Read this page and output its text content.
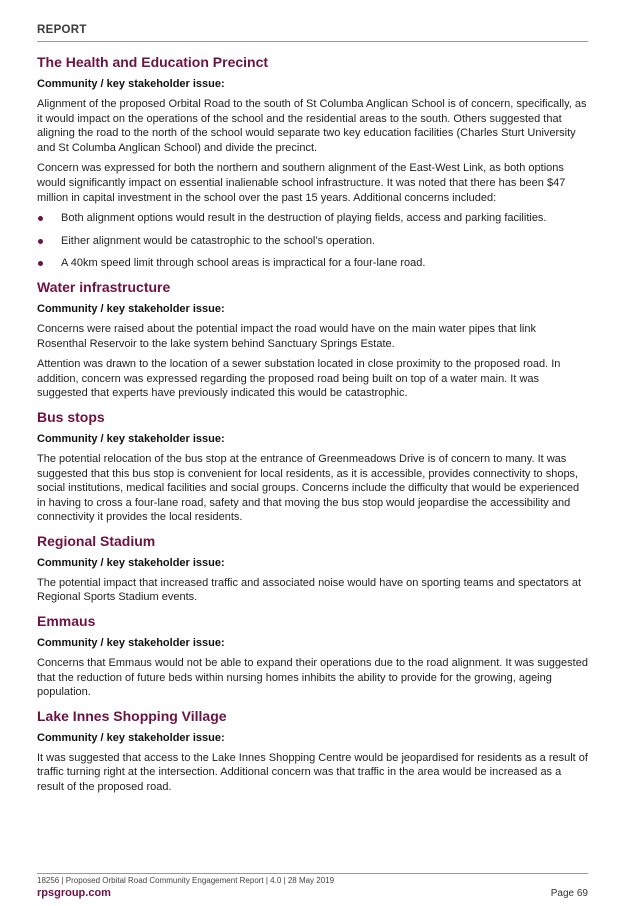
REPORT
The Health and Education Precinct
Community / key stakeholder issue:

Alignment of the proposed Orbital Road to the south of St Columba Anglican School is of concern, specifically, as it would impact on the operations of the school and the residential areas to the south. Others suggested that aligning the road to the north of the school would separate two key education facilities (Charles Sturt University and St Columba Anglican School) and divide the precinct.

Concern was expressed for both the northern and southern alignment of the East-West Link, as both options would significantly impact on essential inalienable school infrastructure. It was noted that there has been $47 million in capital investment in the school over the past 15 years. Additional concerns included:

Both alignment options would result in the destruction of playing fields, access and parking facilities.
Either alignment would be catastrophic to the school’s operation.
A 40km speed limit through school areas is impractical for a four-lane road.
Water infrastructure
Community / key stakeholder issue:

Concerns were raised about the potential impact the road would have on the main water pipes that link Rosenthal Reservoir to the lake system behind Sanctuary Springs Estate.

Attention was drawn to the location of a sewer substation located in close proximity to the proposed road. In addition, concern was expressed regarding the proposed road being built on top of a water main. It was suggested that experts have previously indicated this would be catastrophic.

Bus stops
Community / key stakeholder issue:

The potential relocation of the bus stop at the entrance of Greenmeadows Drive is of concern to many. It was suggested that this bus stop is convenient for local residents, as it is accessible, provides connectivity to shops, social institutions, medical facilities and social groups. Concerns include the difficulty that would be experienced in having to cross a four-lane road, safety and that moving the bus stop would jeopardise the accessibility and connectivity it provides the local residents.

Regional Stadium
Community / key stakeholder issue:

The potential impact that increased traffic and associated noise would have on sporting teams and spectators at Regional Sports Stadium events.

Emmaus
Community / key stakeholder issue:

Concerns that Emmaus would not be able to expand their operations due to the road alignment. It was suggested that the reduction of future beds within nursing homes inhibits the ability to provide for the growing, ageing population.

Lake Innes Shopping Village
Community / key stakeholder issue:

It was suggested that access to the Lake Innes Shopping Centre would be jeopardised for residents as a result of traffic turning right at the intersection. Additional concern was that traffic in the area would be increased as a result of the proposed road.

18256 | Proposed Orbital Road Community Engagement Report | 4.0 | 28 May 2019
rpsgroup.com	Page 69
